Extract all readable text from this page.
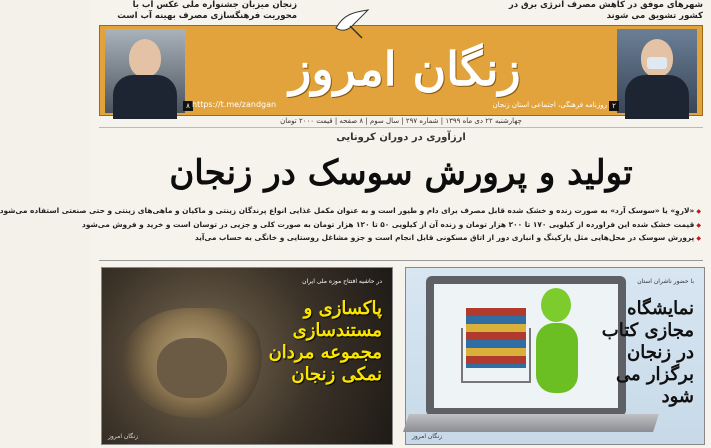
شهرهای موفق در کاهش مصرف انرژی برق در کشور تشویق می شوند
زنجان میزبان جشنواره ملی عکس آب با محوریت فرهنگسازی مصرف بهینه آب است
۲
۸
زنگان امروز
روزنامه فرهنگی، اجتماعی استان زنجان
https://t.me/zandgan
چهارشنبه ۲۲ دی ماه ۱۳۹۹ | شماره ۲۹۷ | سال سوم | ۸ صفحه | قیمت ۲۰۰۰ تومان
ارزآوری در دوران کرونایی
تولید و پرورش سوسک در زنجان

◆ «لاروِ» یا «سوسک آرد» به صورت زنده و خشک شده قابل مصرف برای دام و طیور است و به عنوان مکمل غذایی انواع پرندگان زینتی و ماکیان و ماهی‌های زینتی و حتی صنعتی استفاده می‌شود

◆ قیمت خشک شده این فراورده از کیلویی ۱۷۰ تا ۲۰۰ هزار تومان و زنده آن از کیلویی ۵۰ تا ۱۲۰ هزار تومان به صورت کلی و جزیی در توسان است و خرید و فروش می‌شود

◆ پرورش سوسک در محل‌هایی مثل پارکینگ و انباری دور از اتاق مسکونی قابل انجام است و جزو مشاغل روستایی و خانگی به حساب می‌آید

در حاشیه افتتاح موزه ملی ایران
پاکسازی و مستندسازی مجموعه مردان نمکی زنجان
زنگان امروز
با حضور ناشران استان
نمایشگاه مجازی کتاب در زنجان برگزار می شود
زنگان امروز
